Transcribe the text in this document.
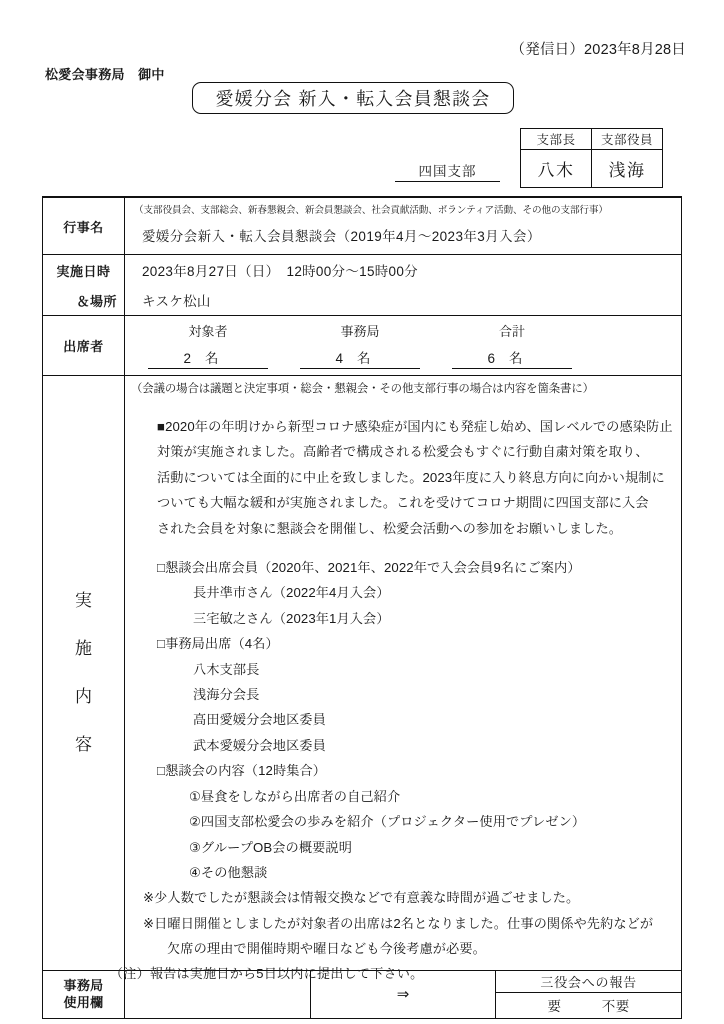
（発信日）2023年8月28日
松愛会事務局　御中
愛媛分会 新入・転入会員懇談会
支部長	支部役員
八木	浅海
四国支部
行事名	（支部役員会、支部総会、新春懇親会、新会員懇談会、社会貢献活動、ボランティア活動、その他の支部行事）		

	愛媛分会新入・転入会員懇談会（2019年4月〜2023年3月入会）		

実施日時	2023年8月27日（日）　12時00分〜15時00分		

＆場所	キスケ松山		

出席者	
対象者	事務局	合計
2名	4名	6名

実
施
内
容

（会議の場合は議題と決定事項・総会・懇親会・その他支部行事の場合は内容を箇条書に）
■2020年の年明けから新型コロナ感染症が国内にも発症し始め、国レベルでの感染防止
対策が実施されました。高齢者で構成される松愛会もすぐに行動自粛対策を取り、
活動については全面的に中止を致しました。2023年度に入り終息方向に向かい規制に
ついても大幅な緩和が実施されました。これを受けてコロナ期間に四国支部に入会
された会員を対象に懇談会を開催し、松愛会活動への参加をお願いしました。
□懇談会出席会員（2020年、2021年、2022年で入会会員9名にご案内）
長井凖市さん（2022年4月入会）
三宅敏之さん（2023年1月入会）
□事務局出席（4名）
八木支部長
浅海分会長
高田愛媛分会地区委員
武本愛媛分会地区委員
□懇談会の内容（12時集合）
①昼食をしながら出席者の自己紹介
②四国支部松愛会の歩みを紹介（プロジェクター使用でプレゼン）
③グループOB会の概要説明
④その他懇談
※少人数でしたが懇談会は情報交換などで有意義な時間が過ごせました。
※日曜日開催としましたが対象者の出席は2名となりました。仕事の関係や先約などが
欠席の理由で開催時期や曜日なども今後考慮が必要。

事務局
使用欄		⇒	三役会への報告
			要 不要
（注）報告は実施日から5日以内に提出して下さい。
